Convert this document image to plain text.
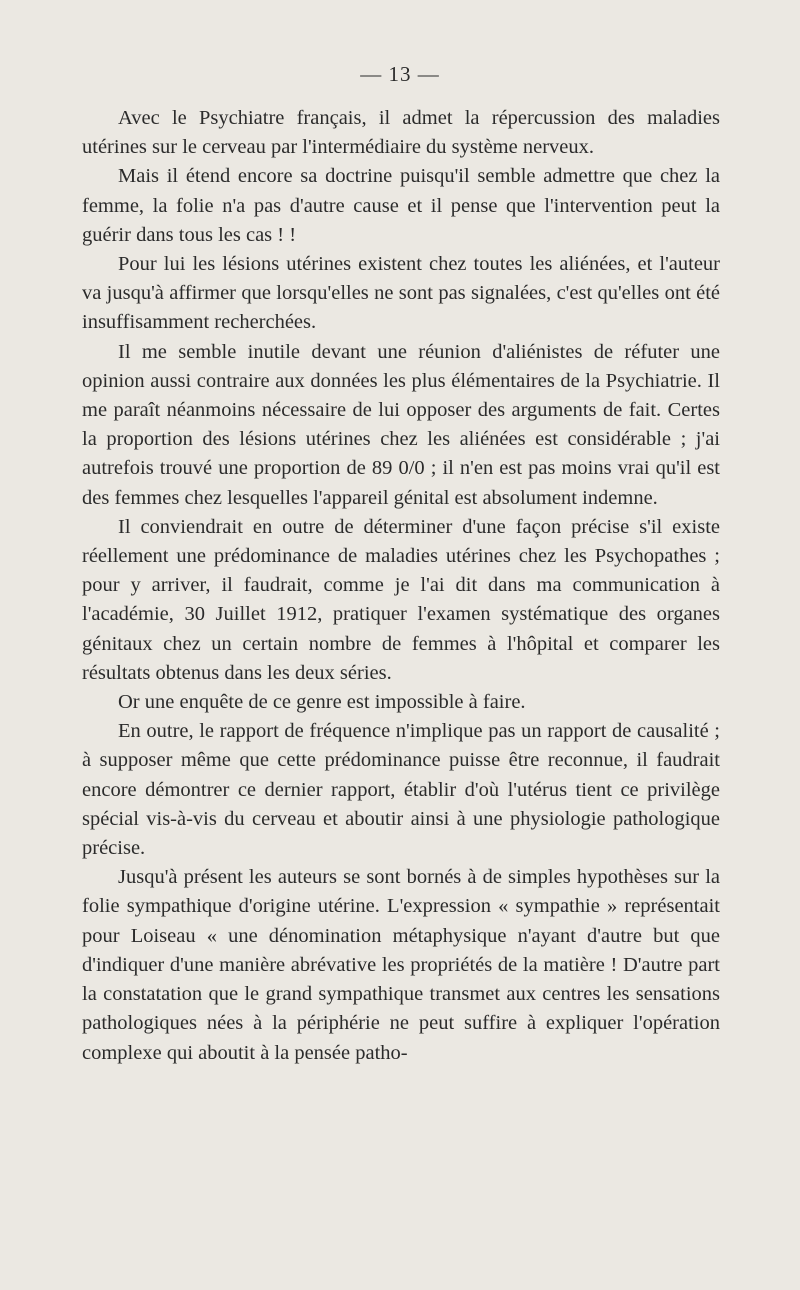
— 13 —

Avec le Psychiatre français, il admet la répercussion des maladies utérines sur le cerveau par l'intermédiaire du système nerveux.

Mais il étend encore sa doctrine puisqu'il semble admettre que chez la femme, la folie n'a pas d'autre cause et il pense que l'intervention peut la guérir dans tous les cas ! !

Pour lui les lésions utérines existent chez toutes les aliénées, et l'auteur va jusqu'à affirmer que lorsqu'elles ne sont pas signalées, c'est qu'elles ont été insuffisamment recherchées.

Il me semble inutile devant une réunion d'aliénistes de réfuter une opinion aussi contraire aux données les plus élémentaires de la Psychiatrie. Il me paraît néanmoins nécessaire de lui opposer des arguments de fait. Certes la proportion des lésions utérines chez les aliénées est considérable ; j'ai autrefois trouvé une proportion de 89 0/0 ; il n'en est pas moins vrai qu'il est des femmes chez lesquelles l'appareil génital est absolument indemne.

Il conviendrait en outre de déterminer d'une façon précise s'il existe réellement une prédominance de maladies utérines chez les Psychopathes ; pour y arriver, il faudrait, comme je l'ai dit dans ma communication à l'académie, 30 Juillet 1912, pratiquer l'examen systématique des organes génitaux chez un certain nombre de femmes à l'hôpital et comparer les résultats obtenus dans les deux séries.

Or une enquête de ce genre est impossible à faire.

En outre, le rapport de fréquence n'implique pas un rapport de causalité ; à supposer même que cette prédominance puisse être reconnue, il faudrait encore démontrer ce dernier rapport, établir d'où l'utérus tient ce privilège spécial vis-à-vis du cerveau et aboutir ainsi à une physiologie pathologique précise.

Jusqu'à présent les auteurs se sont bornés à de simples hypothèses sur la folie sympathique d'origine utérine. L'expression « sympathie » représentait pour Loiseau « une dénomination métaphysique n'ayant d'autre but que d'indiquer d'une manière abrévative les propriétés de la matière ! D'autre part la constatation que le grand sympathique transmet aux centres les sensations pathologiques nées à la périphérie ne peut suffire à expliquer l'opération complexe qui aboutit à la pensée patho-
